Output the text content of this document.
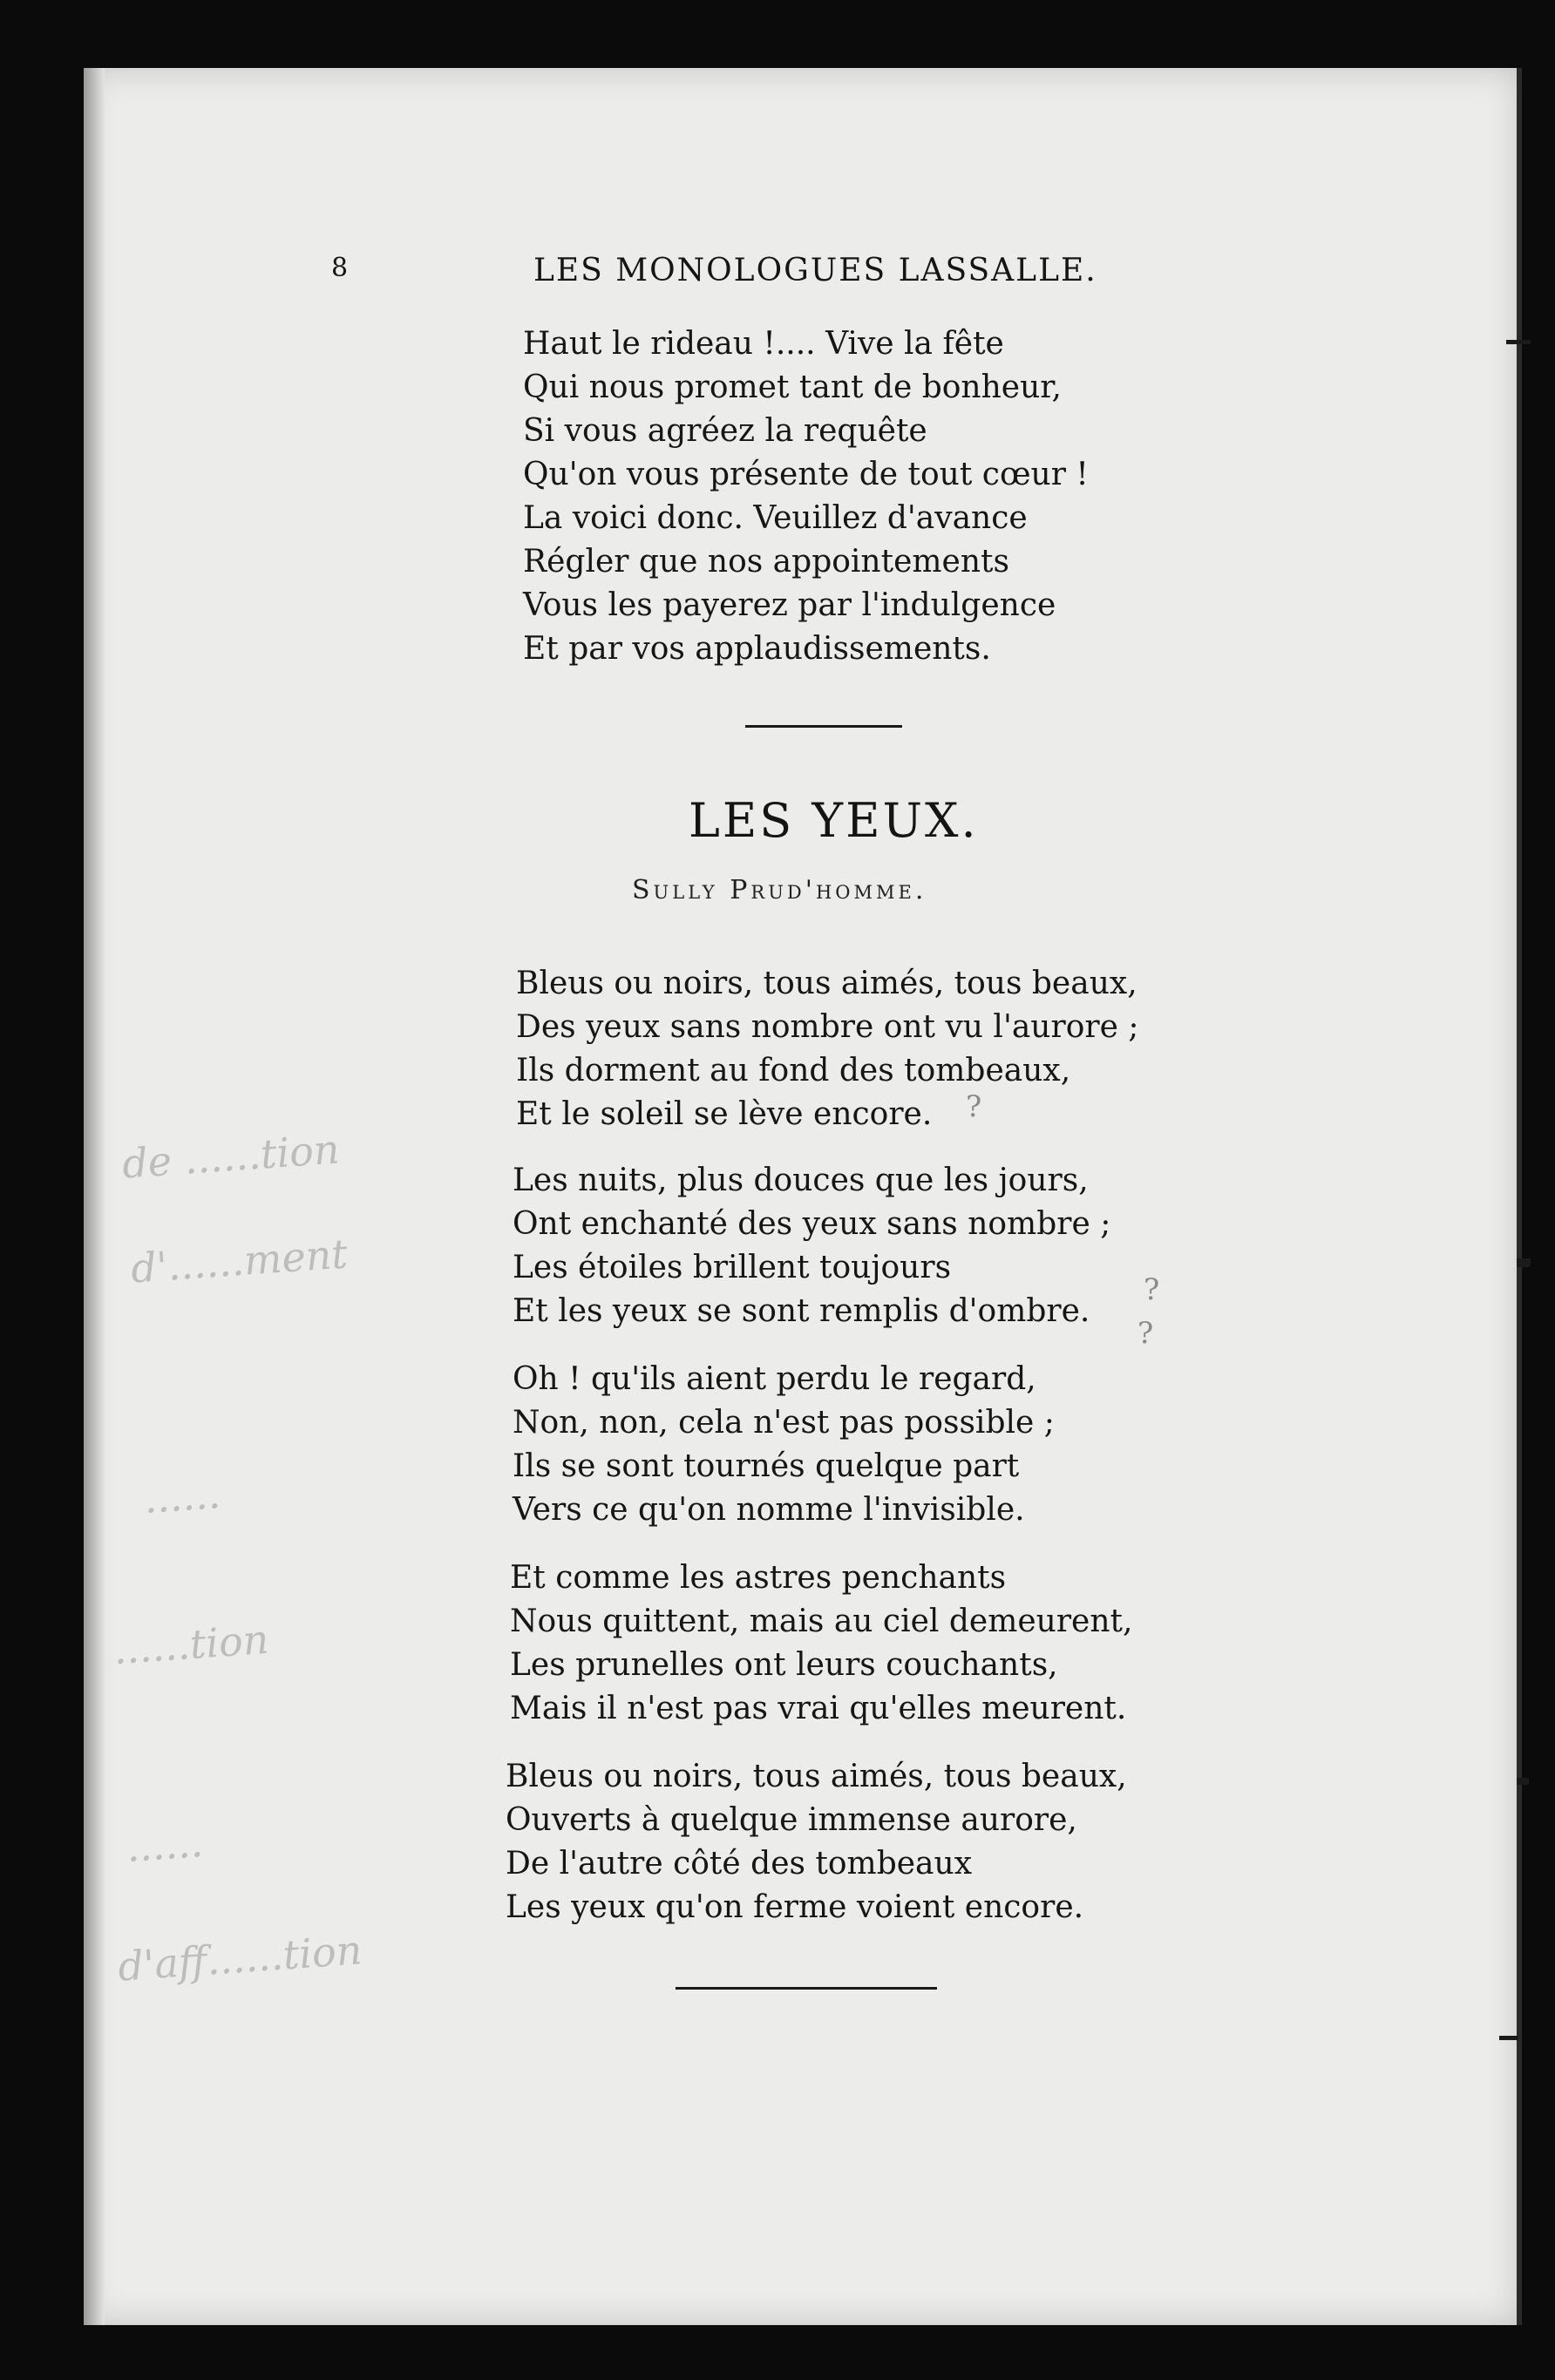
de ......tion
d'......ment
......
......tion
......
d'aff......tion
8	LES MONOLOGUES LASSALLE.
Haut le rideau !.... Vive la fête
Qui nous promet tant de bonheur,
Si vous agréez la requête
Qu'on vous présente de tout cœur !
La voici donc. Veuillez d'avance
Régler que nos appointements
Vous les payerez par l'indulgence
Et par vos applaudissements.
LES YEUX.
Sully Prud'homme.
Bleus ou noirs, tous aimés, tous beaux,
Des yeux sans nombre ont vu l'aurore ;
Ils dorment au fond des tombeaux,
Et le soleil se lève encore.
Les nuits, plus douces que les jours,
Ont enchanté des yeux sans nombre ;
Les étoiles brillent toujours
Et les yeux se sont remplis d'ombre.
Oh ! qu'ils aient perdu le regard,
Non, non, cela n'est pas possible ;
Ils se sont tournés quelque part
Vers ce qu'on nomme l'invisible.
Et comme les astres penchants
Nous quittent, mais au ciel demeurent,
Les prunelles ont leurs couchants,
Mais il n'est pas vrai qu'elles meurent.
Bleus ou noirs, tous aimés, tous beaux,
Ouverts à quelque immense aurore,
De l'autre côté des tombeaux
Les yeux qu'on ferme voient encore.
?
?
?
